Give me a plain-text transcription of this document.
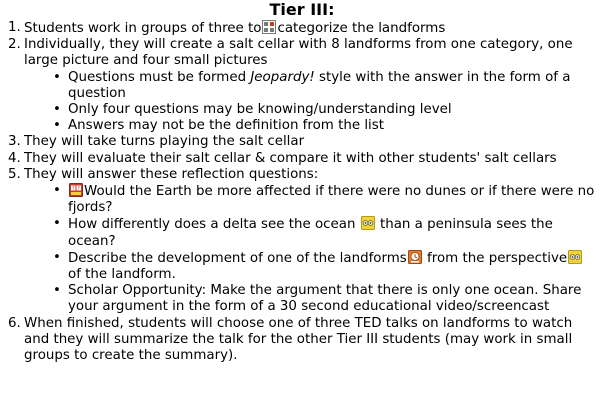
Tier III:
1. Students work in groups of three to categorize the landforms
2. Individually, they will create a salt cellar with 8 landforms from one category, one large picture and four small pictures
• Questions must be formed Jeopardy! style with the answer in the form of a question
• Only four questions may be knowing/understanding level
• Answers may not be the definition from the list
3. They will take turns playing the salt cellar
4. They will evaluate their salt cellar & compare it with other students' salt cellars
5. They will answer these reflection questions:
• ? ? Would the Earth be more affected if there were no dunes or if there were no fjords?
• How differently does a delta see the ocean
than a peninsula sees the ocean?
• Describe the development of one of the landforms
from the perspective
of the landform.
• Scholar Opportunity: Make the argument that there is only one ocean. Share your argument in the form of a 30 second educational video/screencast
6. When finished, students will choose one of three TED talks on landforms to watch and they will summarize the talk for the other Tier III students (may work in small groups to create the summary).
